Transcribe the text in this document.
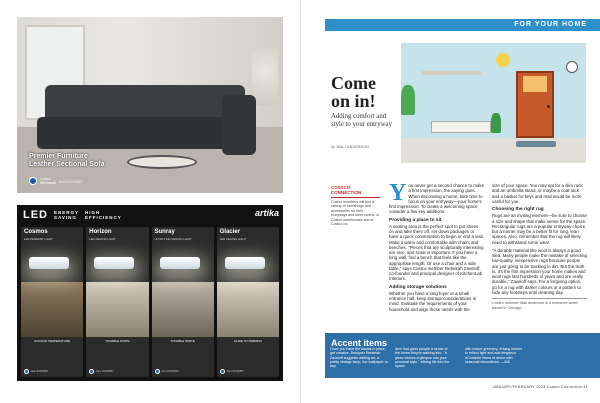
Premier Furniture
Leather Sectional Sofa
Costco
Wholesale Item #1234567
LED ENERGY
SAVING
HIGH
EFFICIENCY	artika
Cosmos
LED PENDANT LIGHT
COLOUR TEMPERATURE
Item #1234567
Horizon
LED CEILING LIGHT
TUNABLE WHITE
Item #1234567
Sunray
ULTRA THIN CEILING LIGHT
TUNABLE WHITE
Item #1234567
Glacier
LED CEILING LIGHT
GLIDE TO DIMMING
Item #1234567
FOR YOUR HOME
Come
on in!
Adding comfort and style to your entryway
by MALI ANDERSON
COSTCO
CONNECTION
Costco members will find a variety of furnishings and accessories for their entryways and other rooms, in Costco warehouses and at Costco.ca.
Y ou never get a second chance to make a first impression, the saying goes. When decorating a home, take time to focus on your entryway—your home's first impression. To create a welcoming space, consider a few key additions.

Providing a place to sit

A seating area is the perfect spot to put shoes on and take them off, set down packages or have a quick conversation to begin or end a visit. Make it warm and comfortable with chairs and benches. "Pieces that are sculpturally interesting are nice, and scale is important. If you have a long wall, find a bench that feels like the appropriate length. Or use a chair and a side table," says Costco member Rebekah Zaveloff, co-founder and principal designer of KitchenLab Interiors.

Adding storage solutions

Whether you have a long foyer or a small entrance hall, keep storage considerations in mind. Evaluate the requirements of your household and align those needs with the

size of your space. You may opt for a slim rack and an umbrella stand, or maybe a coat rack and a basket for keys and mail would be more useful for you.

Choosing the right rug

Rugs are an inviting element—be sure to choose a size and shape that make sense for the space. Rectangular rugs are a popular entryway choice, but a runner may be a better fit for long, lean spaces. Also, remember that the rug will likely need to withstand some wear.

"A durable material like wool is always a good idea. Many people make the mistake of selecting low-quality, inexpensive rugs because people are just going to be tracking in dirt. But the truth is, it's the first impression your home makes and wool rugs last hundreds of years and are really durable," Zaveloff says. For a forgiving option, go for a rug with darker colours or a pattern to hide any footsteps until cleaning day.

Costco member Mali Anderson is a freelance writer based in Chicago.
Accent items
Once you have the basics in place, get creative. Designer Rebekah Zaveloff suggests adding art, a pretty vintage lamp, fun wallpaper or any
item that gives people a sense of the home they're walking into. "It gives visitors a glimpse into your personal style." ●Bring life into the space
with indoor greenery. ●Hang mirrors to reflect light and add elegance. ●Consider items of decor with seasonal decorations. —MA
JANUARY/FEBRUARY 2023 Costco Connection 41
